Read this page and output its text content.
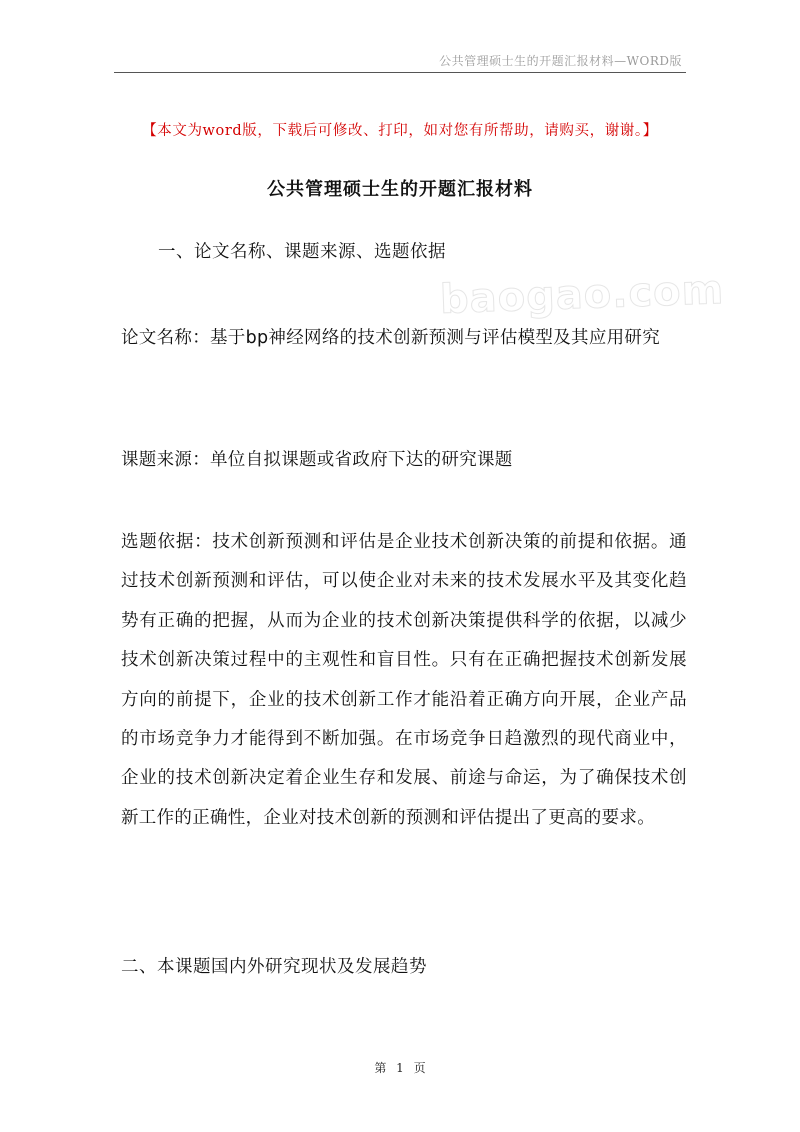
公共管理硕士生的开题汇报材料—WORD版
baogao.com
【本文为word版，下载后可修改、打印，如对您有所帮助，请购买，谢谢。】
公共管理硕士生的开题汇报材料
一、论文名称、课题来源、选题依据
论文名称：基于bp神经网络的技术创新预测与评估模型及其应用研究
课题来源：单位自拟课题或省政府下达的研究课题
选题依据：技术创新预测和评估是企业技术创新决策的前提和依据。通过技术创新预测和评估，可以使企业对未来的技术发展水平及其变化趋势有正确的把握，从而为企业的技术创新决策提供科学的依据，以减少技术创新决策过程中的主观性和盲目性。只有在正确把握技术创新发展方向的前提下，企业的技术创新工作才能沿着正确方向开展，企业产品的市场竞争力才能得到不断加强。在市场竞争日趋激烈的现代商业中，企业的技术创新决定着企业生存和发展、前途与命运，为了确保技术创新工作的正确性，企业对技术创新的预测和评估提出了更高的要求。
二、本课题国内外研究现状及发展趋势
第 1 页
